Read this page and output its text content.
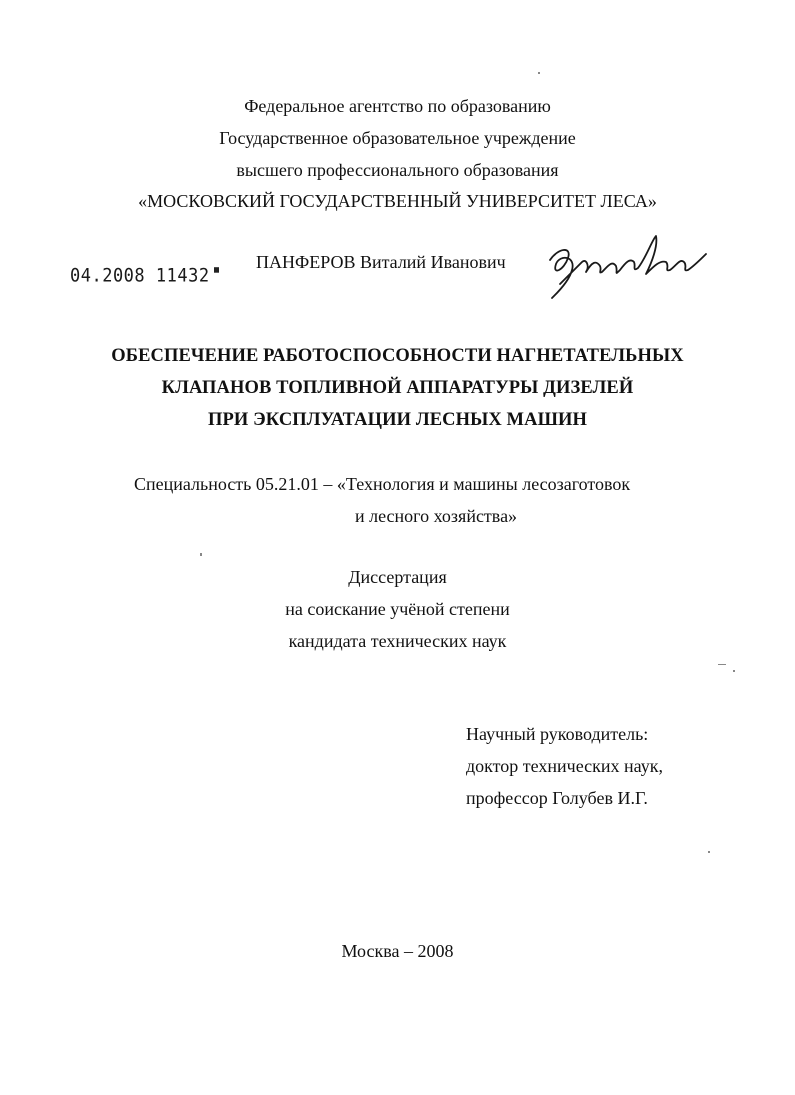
Федеральное агентство по образованию
Государственное образовательное учреждение
высшего профессионального образования
«МОСКОВСКИЙ ГОСУДАРСТВЕННЫЙ УНИВЕРСИТЕТ ЛЕСА»
04.2008 11432
ПАНФЕРОВ Виталий Иванович
ОБЕСПЕЧЕНИЕ РАБОТОСПОСОБНОСТИ НАГНЕТАТЕЛЬНЫХ
КЛАПАНОВ ТОПЛИВНОЙ АППАРАТУРЫ ДИЗЕЛЕЙ
ПРИ ЭКСПЛУАТАЦИИ ЛЕСНЫХ МАШИН
Специальность 05.21.01 – «Технология и машины лесозаготовок
и лесного хозяйства»
Диссертация
на соискание учёной степени
кандидата технических наук
Научный руководитель:
доктор технических наук,
профессор Голубев И.Г.
Москва – 2008
